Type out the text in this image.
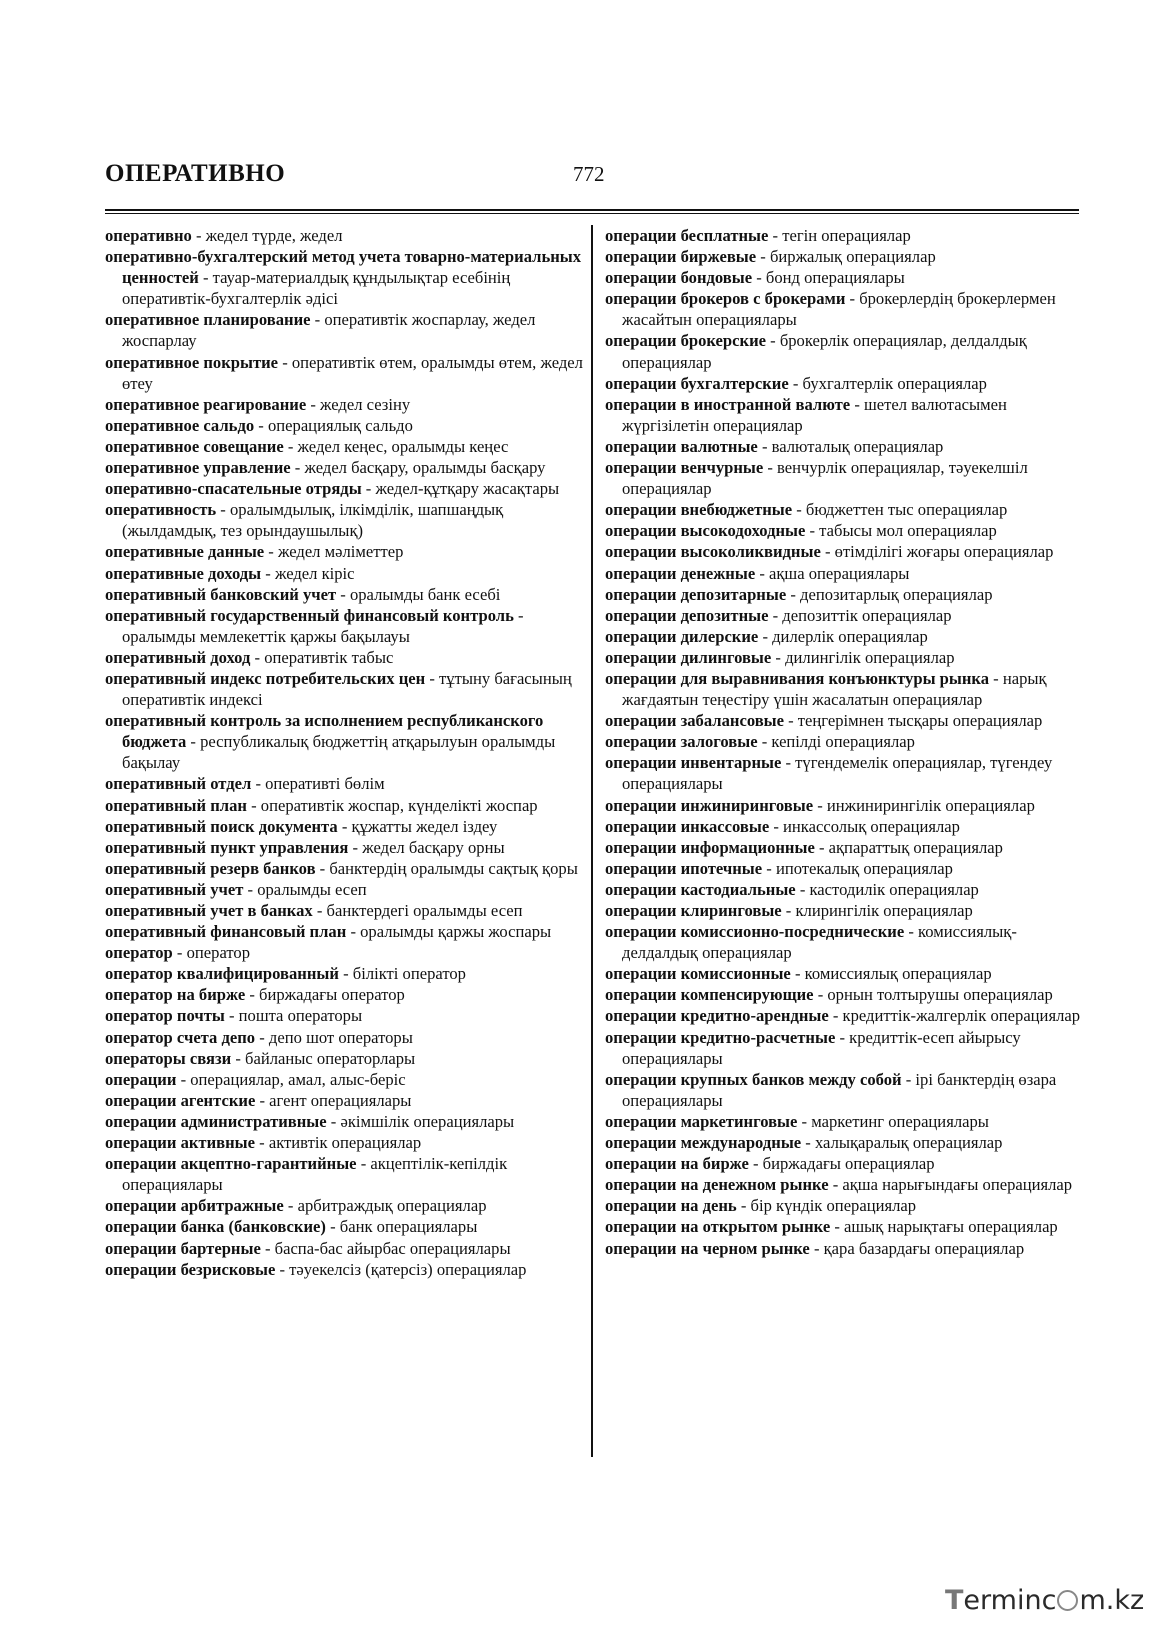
ОПЕРАТИВНО	772
оперативно - жедел түрде, жедел
оперативно-бухгалтерский метод учета товарно-материальных ценностей - тауар-материалдық құндылықтар есебінің оперативтік-бухгалтерлік әдісі
оперативное планирование - оперативтік жоспарлау, жедел жоспарлау
оперативное покрытие - оперативтік өтем, оралымды өтем, жедел өтеу
оперативное реагирование - жедел сезіну
оперативное сальдо - операциялық сальдо
оперативное совещание - жедел кеңес, оралымды кеңес
оперативное управление - жедел басқару, оралымды басқару
оперативно-спасательные отряды - жедел-құтқару жасақтары
оперативность - оралымдылық, ілкімділік, шапшаңдық (жылдамдық, тез орындаушылық)
оперативные данные - жедел мәліметтер
оперативные доходы - жедел кіріс
оперативный банковский учет - оралымды банк есебі
оперативный государственный финансовый контроль - оралымды мемлекеттік қаржы бақылауы
оперативный доход - оперативтік табыс
оперативный индекс потребительских цен - тұтыну бағасының оперативтік индексі
оперативный контроль за исполнением республиканского бюджета - республикалық бюджеттің атқарылуын оралымды бақылау
оперативный отдел - оперативті бөлім
оперативный план - оперативтік жоспар, күнделікті жоспар
оперативный поиск документа - құжатты жедел іздеу
оперативный пункт управления - жедел басқару орны
оперативный резерв банков - банктердің оралымды сақтық қоры
оперативный учет - оралымды есеп
оперативный учет в банках - банктердегі оралымды есеп
оперативный финансовый план - оралымды қаржы жоспары
оператор - оператор
оператор квалифицированный - білікті оператор
оператор на бирже - биржадағы оператор
оператор почты - пошта операторы
оператор счета депо - депо шот операторы
операторы связи - байланыс операторлары
операции - операциялар, амал, алыс-беріс
операции агентские - агент операциялары
операции административные - әкімшілік операциялары
операции активные - активтік операциялар
операции акцептно-гарантийные - акцептілік-кепілдік операциялары
операции арбитражные - арбитраждық операциялар
операции банка (банковские) - банк операциялары
операции бартерные - баспа-бас айырбас операциялары
операции безрисковые - тәуекелсіз (қатерсіз) операциялар
операции бесплатные - тегін операциялар
операции биржевые - биржалық операциялар
операции бондовые - бонд операциялары
операции брокеров с брокерами - брокерлердің брокерлермен жасайтын операциялары
операции брокерские - брокерлік операциялар, делдалдық операциялар
операции бухгалтерские - бухгалтерлік операциялар
операции в иностранной валюте - шетел валютасымен жүргізілетін операциялар
операции валютные - валюталық операциялар
операции венчурные - венчурлік операциялар, тәуекелшіл операциялар
операции внебюджетные - бюджеттен тыс операциялар
операции высокодоходные - табысы мол операциялар
операции высоколиквидные - өтімділігі жоғары операциялар
операции денежные - ақша операциялары
операции депозитарные - депозитарлық операциялар
операции депозитные - депозиттік операциялар
операции дилерские - дилерлік операциялар
операции дилинговые - дилингілік операциялар
операции для выравнивания конъюнктуры рынка - нарық жағдаятын теңестіру үшін жасалатын операциялар
операции забалансовые - теңгерімнен тысқары операциялар
операции залоговые - кепілді операциялар
операции инвентарные - түгендемелік операциялар, түгендеу операциялары
операции инжиниринговые - инжинирингілік операциялар
операции инкассовые - инкассолық операциялар
операции информационные - ақпараттық операциялар
операции ипотечные - ипотекалық операциялар
операции кастодиальные - кастодилік операциялар
операции клиринговые - клирингілік операциялар
операции комиссионно-посреднические - комиссиялық-делдалдық операциялар
операции комиссионные - комиссиялық операциялар
операции компенсирующие - орнын толтырушы операциялар
операции кредитно-арендные - кредиттік-жалгерлік операциялар
операции кредитно-расчетные - кредиттік-есеп айырысу операциялары
операции крупных банков между собой - ірі банктердің өзара операциялары
операции маркетинговые - маркетинг операциялары
операции международные - халықаралық операциялар
операции на бирже - биржадағы операциялар
операции на денежном рынке - ақша нарығындағы операциялар
операции на день - бір күндік операциялар
операции на открытом рынке - ашық нарықтағы операциялар
операции на черном рынке - қара базардағы операциялар
Terminc m.kz
